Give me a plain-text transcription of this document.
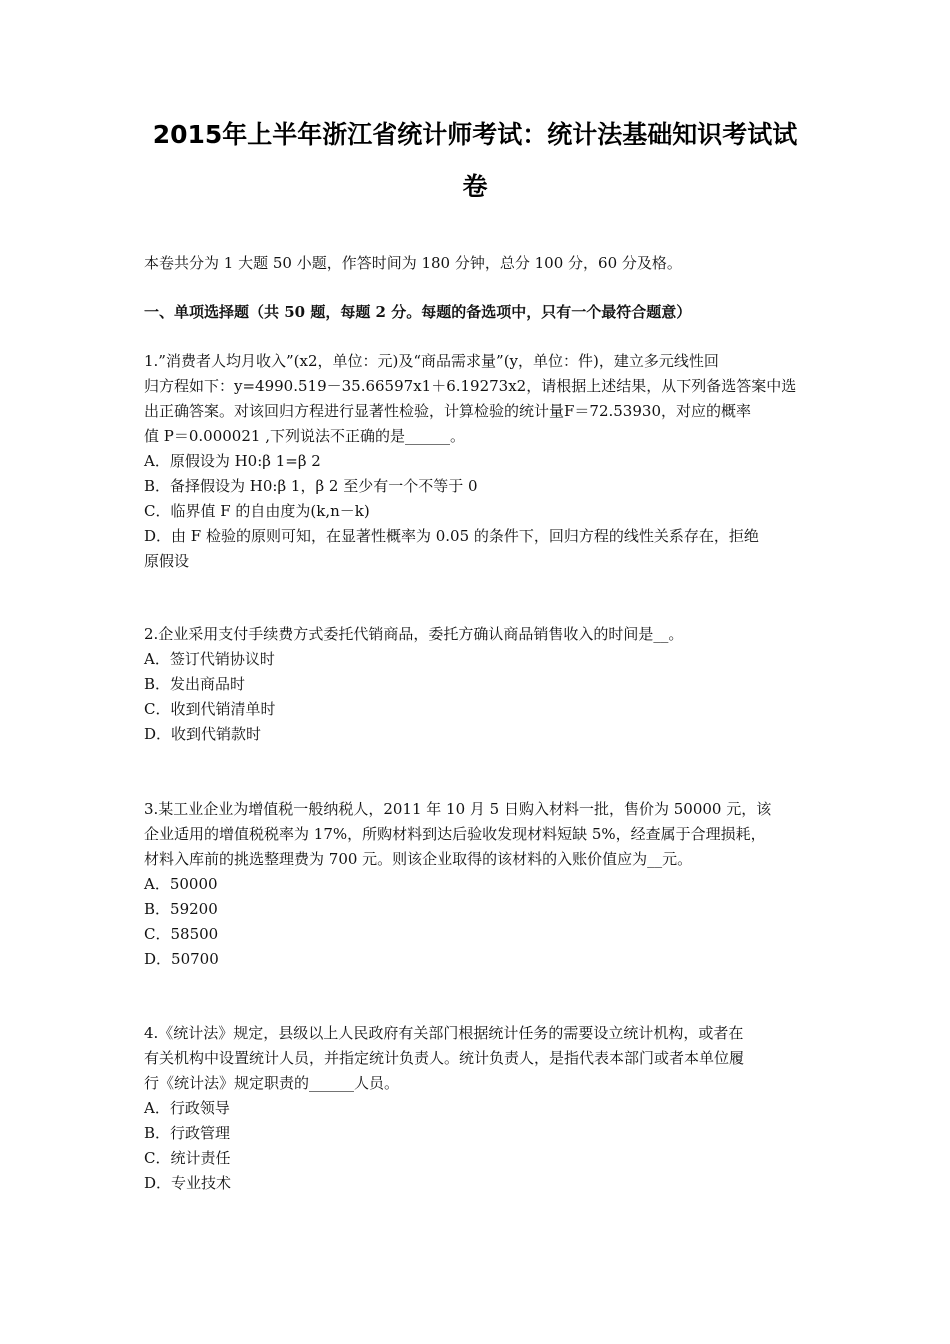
2015年上半年浙江省统计师考试：统计法基础知识考试试
卷
本卷共分为 1 大题 50 小题，作答时间为 180 分钟，总分 100 分，60 分及格。
一、单项选择题（共 50 题，每题 2 分。每题的备选项中，只有一个最符合题意）
1.”消费者人均月收入”(x2，单位：元)及“商品需求量”(y，单位：件)，建立多元线性回
归方程如下：y=4990.519－35.66597x1＋6.19273x2，请根据上述结果，从下列备选答案中选
出正确答案。对该回归方程进行显著性检验，计算检验的统计量F＝72.53930，对应的概率
值 P＝0.000021 ,下列说法不正确的是______。
A．原假设为 H0:β 1=β 2
B．备择假设为 H0:β 1，β 2 至少有一个不等于 0
C．临界值 F 的自由度为(k,n－k)
D．由 F 检验的原则可知，在显著性概率为 0.05 的条件下，回归方程的线性关系存在，拒绝
原假设
2.企业采用支付手续费方式委托代销商品，委托方确认商品销售收入的时间是__。
A．签订代销协议时
B．发出商品时
C．收到代销清单时
D．收到代销款时
3.某工业企业为增值税一般纳税人，2011 年 10 月 5 日购入材料一批，售价为 50000 元，该
企业适用的增值税税率为 17%，所购材料到达后验收发现材料短缺 5%，经查属于合理损耗，
材料入库前的挑选整理费为 700 元。则该企业取得的该材料的入账价值应为__元。
A．50000
B．59200
C．58500
D．50700
4.《统计法》规定，县级以上人民政府有关部门根据统计任务的需要设立统计机构，或者在
有关机构中设置统计人员，并指定统计负责人。统计负责人，是指代表本部门或者本单位履
行《统计法》规定职责的______人员。
A．行政领导
B．行政管理
C．统计责任
D．专业技术
